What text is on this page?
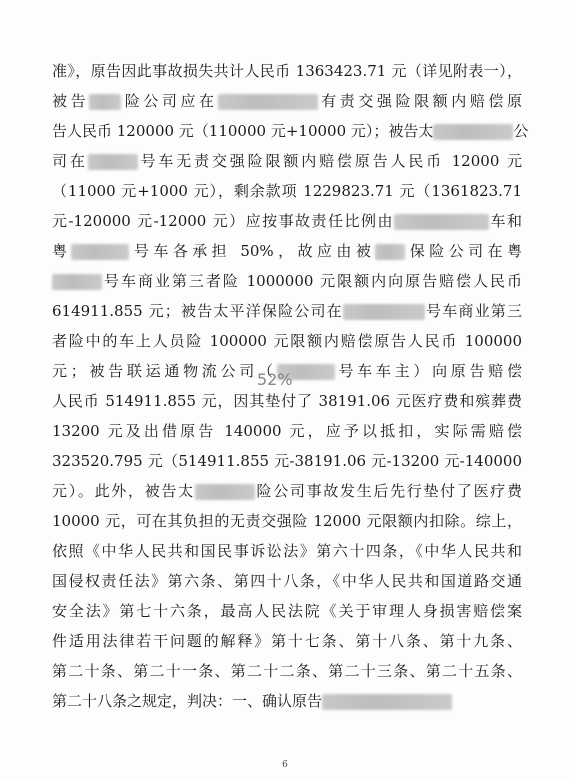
准》，原告因此事故损失共计人民币 1363423.71 元（详见附表一），
被告 险公司应在	有责交强险限额内赔偿原
告人民币 120000 元（110000 元+10000 元）；被告太	公
司在	号车无责交强险限额内赔偿原告人民币 12000 元
（11000 元+1000 元），剩余款项 1229823.71 元（1361823.71
元-120000 元-12000 元）应按事故责任比例由	车和
粤	号车各承担 50%，故应由被 保险公司在粤
号车商业第三者险 1000000 元限额内向原告赔偿人民币
614911.855 元；被告太平洋保险公司在	号车商业第三
者险中的车上人员险 100000 元限额内赔偿原告人民币 100000
元；被告联运通物流公司（	号车车主）向原告赔偿
人民币 514911.855 元，因其垫付了 38191.06 元医疗费和殡葬费
13200 元及出借原告 140000 元，应予以抵扣，实际需赔偿
323520.795 元（514911.855 元-38191.06 元-13200 元-140000
元）。此外，被告太	险公司事故发生后先行垫付了医疗费
10000 元，可在其负担的无责交强险 12000 元限额内扣除。综上，
依照《中华人民共和国民事诉讼法》第六十四条，《中华人民共和
国侵权责任法》第六条、第四十八条，《中华人民共和国道路交通
安全法》第七十六条，最高人民法院《关于审理人身损害赔偿案
件适用法律若干问题的解释》第十七条、第十八条、第十九条、
第二十条、第二十一条、第二十二条、第二十三条、第二十五条、
第二十八条之规定，判决：一、确认原告
52%
6
